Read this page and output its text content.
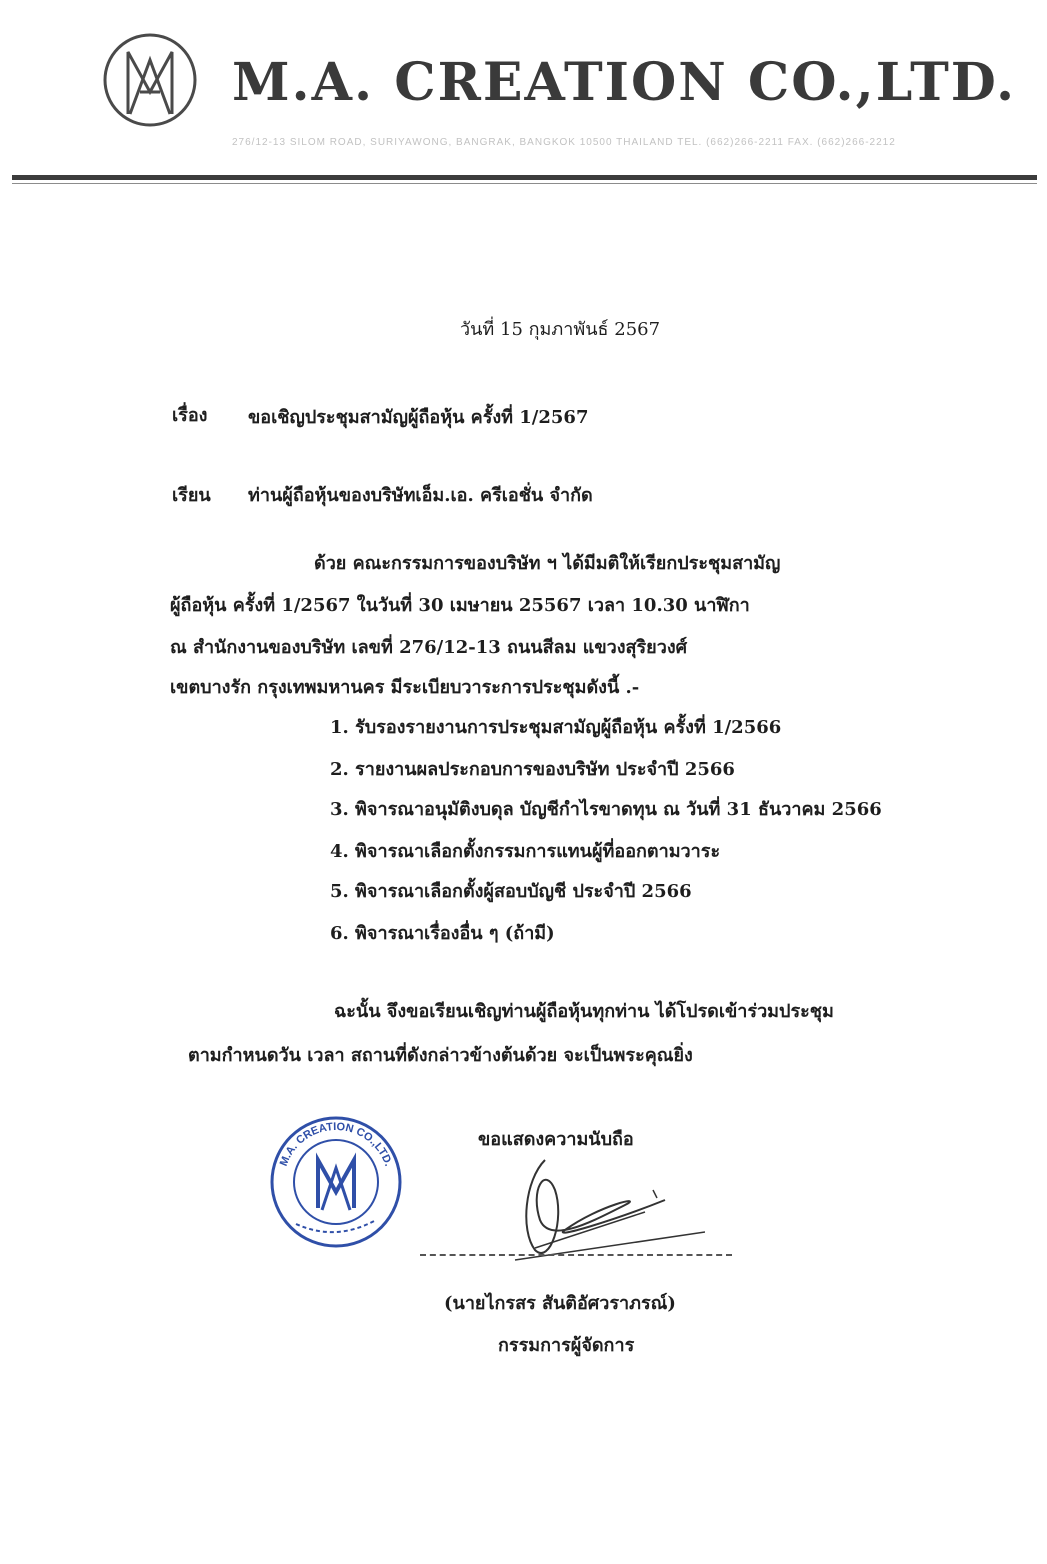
M.A. CREATION CO.,LTD.
276/12-13 SILOM ROAD, SURIYAWONG, BANGRAK, BANGKOK 10500 THAILAND TEL. (662)266-2211 FAX. (662)266-2212
วันที่ 15 กุมภาพันธ์ 2567
เรื่อง ขอเชิญประชุมสามัญผู้ถือหุ้น ครั้งที่ 1/2567
เรียน ท่านผู้ถือหุ้นของบริษัทเอ็ม.เอ. ครีเอชั่น จำกัด
ด้วย คณะกรรมการของบริษัท ฯ ได้มีมติให้เรียกประชุมสามัญ
ผู้ถือหุ้น ครั้งที่ 1/2567 ในวันที่ 30 เมษายน 25567 เวลา 10.30 นาฬิกา
ณ สำนักงานของบริษัท เลขที่ 276/12-13 ถนนสีลม แขวงสุริยวงศ์
เขตบางรัก กรุงเทพมหานคร มีระเบียบวาระการประชุมดังนี้ .-
1. รับรองรายงานการประชุมสามัญผู้ถือหุ้น ครั้งที่ 1/2566
2. รายงานผลประกอบการของบริษัท ประจำปี 2566
3. พิจารณาอนุมัติงบดุล บัญชีกำไรขาดทุน ณ วันที่ 31 ธันวาคม 2566
4. พิจารณาเลือกตั้งกรรมการแทนผู้ที่ออกตามวาระ
5. พิจารณาเลือกตั้งผู้สอบบัญชี ประจำปี 2566
6. พิจารณาเรื่องอื่น ๆ (ถ้ามี)
ฉะนั้น จึงขอเรียนเชิญท่านผู้ถือหุ้นทุกท่าน ได้โปรดเข้าร่วมประชุม
ตามกำหนดวัน เวลา สถานที่ดังกล่าวข้างต้นด้วย จะเป็นพระคุณยิ่ง
ขอแสดงความนับถือ
M.A. CREATION CO.,LTD.
(นายไกรสร สันติอัศวราภรณ์)
กรรมการผู้จัดการ
